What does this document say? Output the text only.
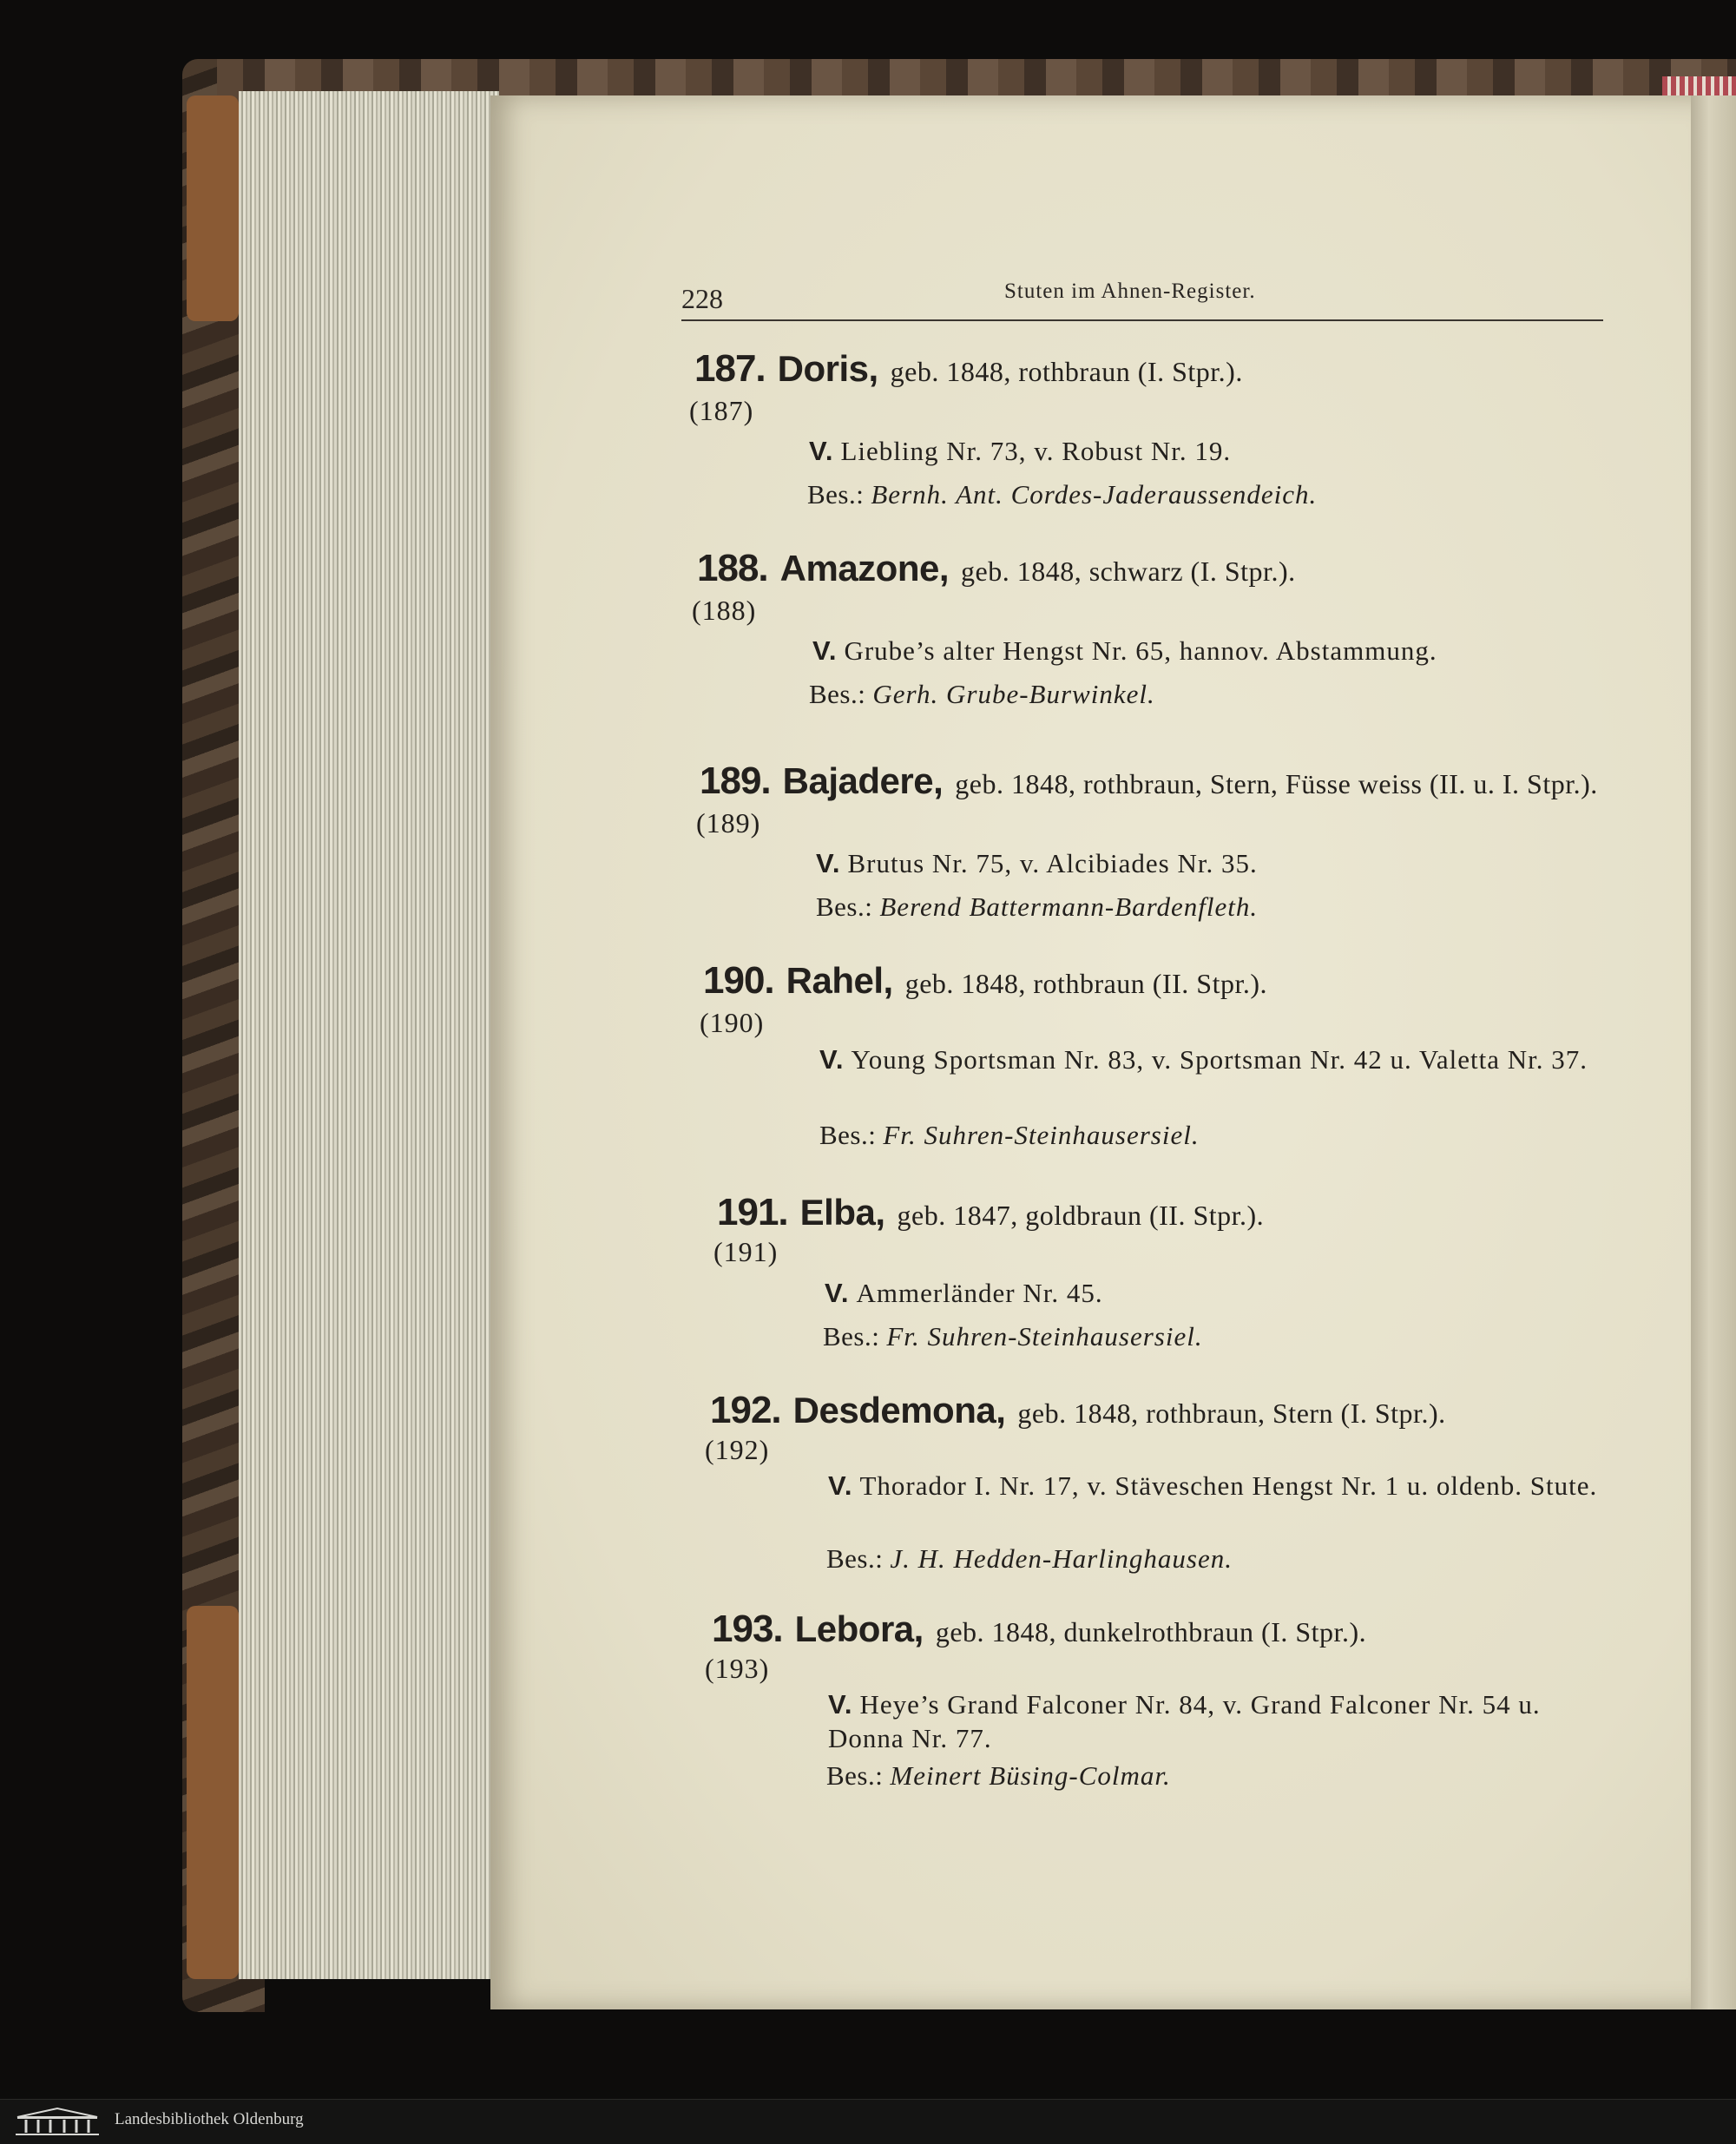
228	Stuten im Ahnen-Register.
187. Doris, geb. 1848, rothbraun (I. Stpr.).
(187)
V. Liebling Nr. 73, v. Robust Nr. 19.
Bes.: Bernh. Ant. Cordes-Jaderaussendeich.
188. Amazone, geb. 1848, schwarz (I. Stpr.).
(188)
V. Grube’s alter Hengst Nr. 65, hannov. Abstammung.
Bes.: Gerh. Grube-Burwinkel.
189. Bajadere, geb. 1848, rothbraun, Stern, Füsse weiss (II. u. I. Stpr.).
(189)
V. Brutus Nr. 75, v. Alcibiades Nr. 35.
Bes.: Berend Battermann-Bardenfleth.
190. Rahel, geb. 1848, rothbraun (II. Stpr.).
(190)
V. Young Sportsman Nr. 83, v. Sportsman Nr. 42 u. Valetta Nr. 37.
Bes.: Fr. Suhren-Steinhausersiel.
191. Elba, geb. 1847, goldbraun (II. Stpr.).
(191)
V. Ammerländer Nr. 45.
Bes.: Fr. Suhren-Steinhausersiel.
192. Desdemona, geb. 1848, rothbraun, Stern (I. Stpr.).
(192)
V. Thorador I. Nr. 17, v. Stäveschen Hengst Nr. 1 u. oldenb. Stute.
Bes.: J. H. Hedden-Harlinghausen.
193. Lebora, geb. 1848, dunkelrothbraun (I. Stpr.).
(193)
V. Heye’s Grand Falconer Nr. 84, v. Grand Falconer Nr. 54 u. Donna Nr. 77.
Bes.: Meinert Büsing-Colmar.
Landesbibliothek Oldenburg
